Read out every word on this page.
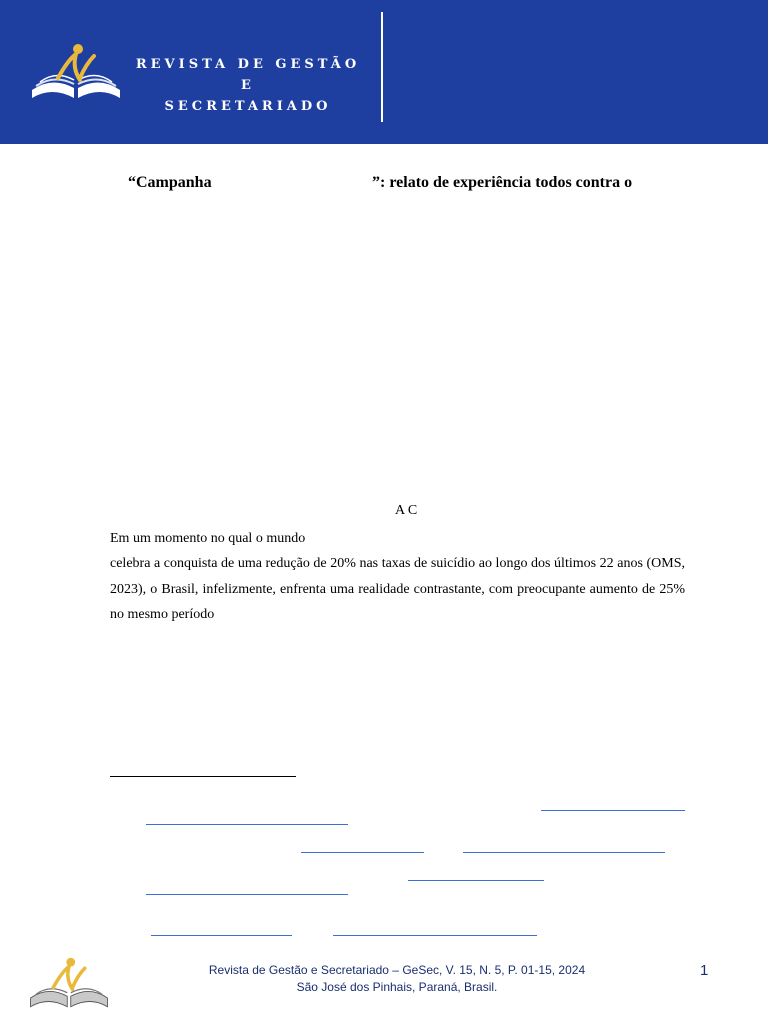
REVISTA DE GESTÃO E
SECRETARIADO
“Campanha	”: relato de experiência todos contra o
A C
Em um momento no qual o mundo
celebra a conquista de uma redução de 20% nas taxas de suicídio ao longo dos últimos 22 anos (OMS, 2023), o Brasil, infelizmente, enfrenta uma realidade contrastante, com preocupante aumento de 25% no mesmo período
Revista de Gestão e Secretariado – GeSec, V. 15, N. 5, P. 01-15, 2024
São José dos Pinhais, Paraná, Brasil.
1
